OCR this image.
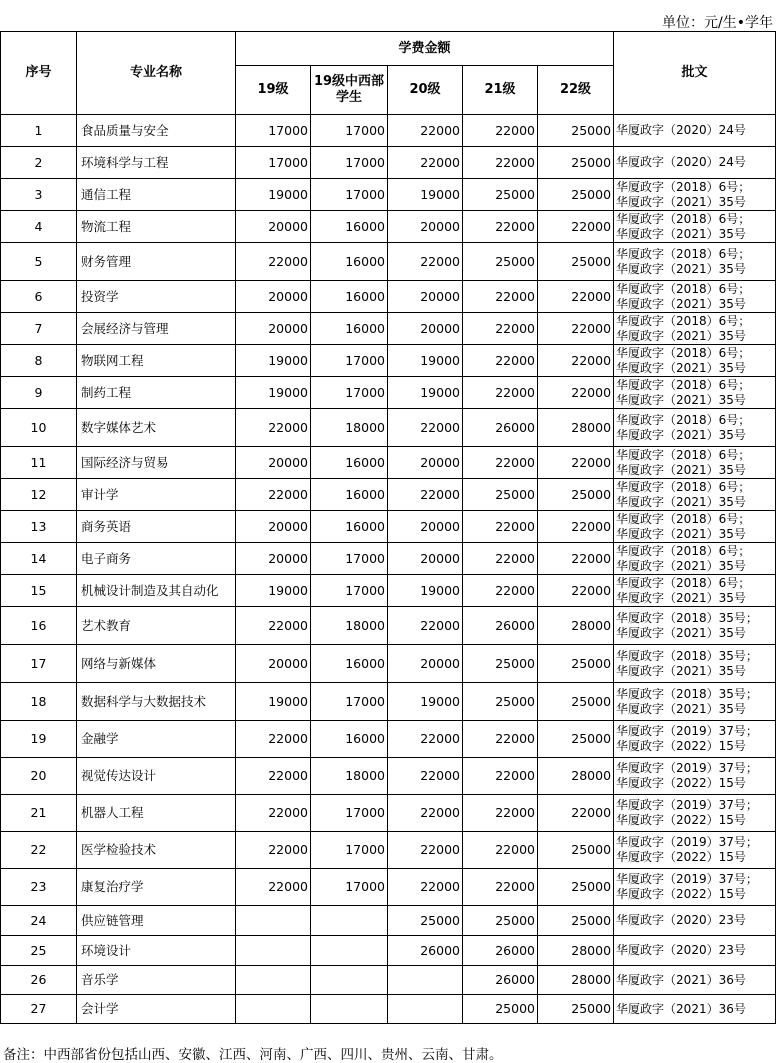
单位：元/生•学年
序号	专业名称	学费金额					批文
		19级	19级中西部学生	20级	21级	22级	
1	食品质量与安全	17000	17000	22000	22000	25000	华厦政字（2020）24号

2	环境科学与工程	17000	17000	22000	22000	25000	华厦政字（2020）24号

3	通信工程	19000	17000	19000	25000	25000	华厦政字（2018）6号；
华厦政字（2021）35号

4	物流工程	20000	16000	20000	22000	22000	华厦政字（2018）6号；
华厦政字（2021）35号

5	财务管理	22000	16000	22000	25000	25000	华厦政字（2018）6号；
华厦政字（2021）35号

6	投资学	20000	16000	20000	22000	22000	华厦政字（2018）6号；
华厦政字（2021）35号

7	会展经济与管理	20000	16000	20000	22000	22000	华厦政字（2018）6号；
华厦政字（2021）35号

8	物联网工程	19000	17000	19000	22000	22000	华厦政字（2018）6号；
华厦政字（2021）35号

9	制药工程	19000	17000	19000	22000	22000	华厦政字（2018）6号；
华厦政字（2021）35号

10	数字媒体艺术	22000	18000	22000	26000	28000	华厦政字（2018）6号；
华厦政字（2021）35号

11	国际经济与贸易	20000	16000	20000	22000	22000	华厦政字（2018）6号；
华厦政字（2021）35号

12	审计学	22000	16000	22000	25000	25000	华厦政字（2018）6号；
华厦政字（2021）35号

13	商务英语	20000	16000	20000	22000	22000	华厦政字（2018）6号；
华厦政字（2021）35号

14	电子商务	20000	17000	20000	22000	22000	华厦政字（2018）6号；
华厦政字（2021）35号

15	机械设计制造及其自动化	19000	17000	19000	22000	22000	华厦政字（2018）6号；
华厦政字（2021）35号

16	艺术教育	22000	18000	22000	26000	28000	华厦政字（2018）35号；
华厦政字（2021）35号

17	网络与新媒体	20000	16000	20000	25000	25000	华厦政字（2018）35号；
华厦政字（2021）35号

18	数据科学与大数据技术	19000	17000	19000	25000	25000	华厦政字（2018）35号；
华厦政字（2021）35号

19	金融学	22000	16000	22000	22000	25000	华厦政字（2019）37号；
华厦政字（2022）15号

20	视觉传达设计	22000	18000	22000	22000	28000	华厦政字（2019）37号；
华厦政字（2022）15号

21	机器人工程	22000	17000	22000	22000	22000	华厦政字（2019）37号；
华厦政字（2022）15号

22	医学检验技术	22000	17000	22000	22000	25000	华厦政字（2019）37号；
华厦政字（2022）15号

23	康复治疗学	22000	17000	22000	22000	25000	华厦政字（2019）37号；
华厦政字（2022）15号

24	供应链管理			25000	25000	25000	华厦政字（2020）23号

25	环境设计			26000	26000	28000	华厦政字（2020）23号

26	音乐学				26000	28000	华厦政字（2021）36号

27	会计学				25000	25000	华厦政字（2021）36号
备注：中西部省份包括山西、安徽、江西、河南、广西、四川、贵州、云南、甘肃。
